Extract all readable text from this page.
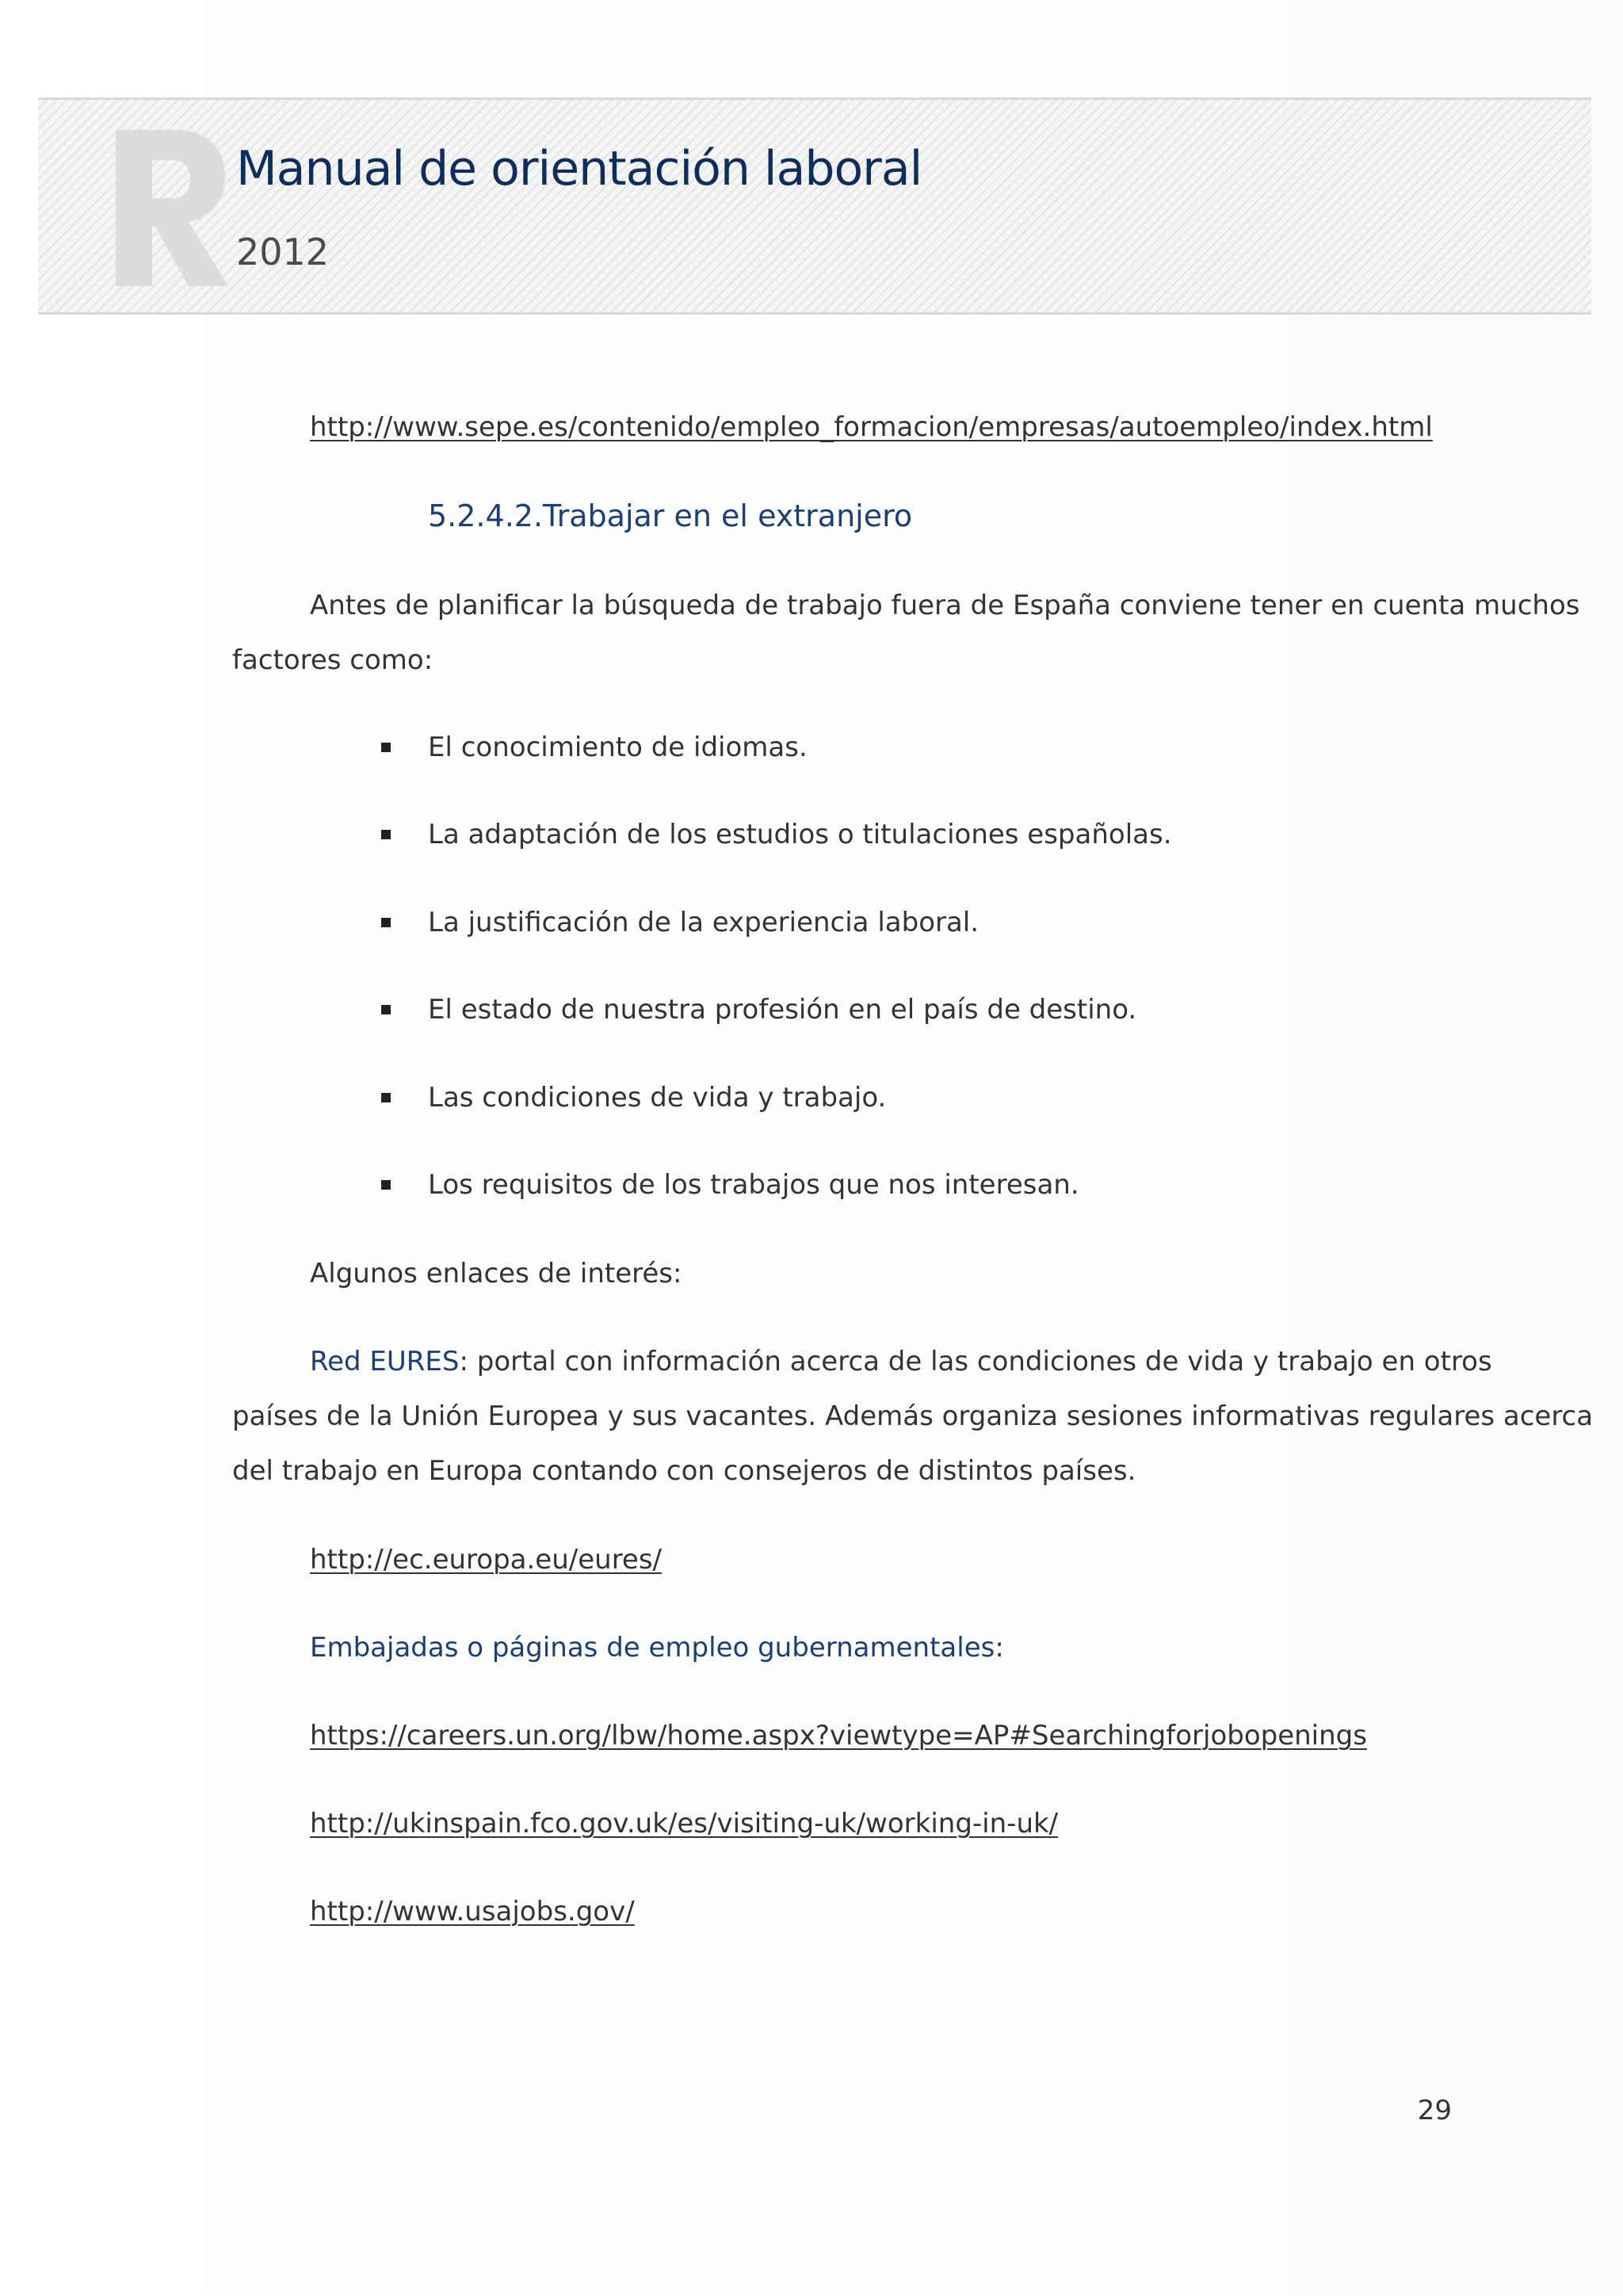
Manual de orientación laboral
2012
http://www.sepe.es/contenido/empleo_formacion/empresas/autoempleo/index.html
5.2.4.2.Trabajar en el extranjero
Antes de planificar la búsqueda de trabajo fuera de España conviene tener en cuenta muchos
factores como:
El conocimiento de idiomas.
La adaptación de los estudios o titulaciones españolas.
La justificación de la experiencia laboral.
El estado de nuestra profesión en el país de destino.
Las condiciones de vida y trabajo.
Los requisitos de los trabajos que nos interesan.
Algunos enlaces de interés:
Red EURES: portal con información acerca de las condiciones de vida y trabajo en otros
países de la Unión Europea y sus vacantes. Además organiza sesiones informativas regulares acerca
del trabajo en Europa contando con consejeros de distintos países.
http://ec.europa.eu/eures/
Embajadas o páginas de empleo gubernamentales:
https://careers.un.org/lbw/home.aspx?viewtype=AP#Searchingforjobopenings
http://ukinspain.fco.gov.uk/es/visiting-uk/working-in-uk/
http://www.usajobs.gov/
29
